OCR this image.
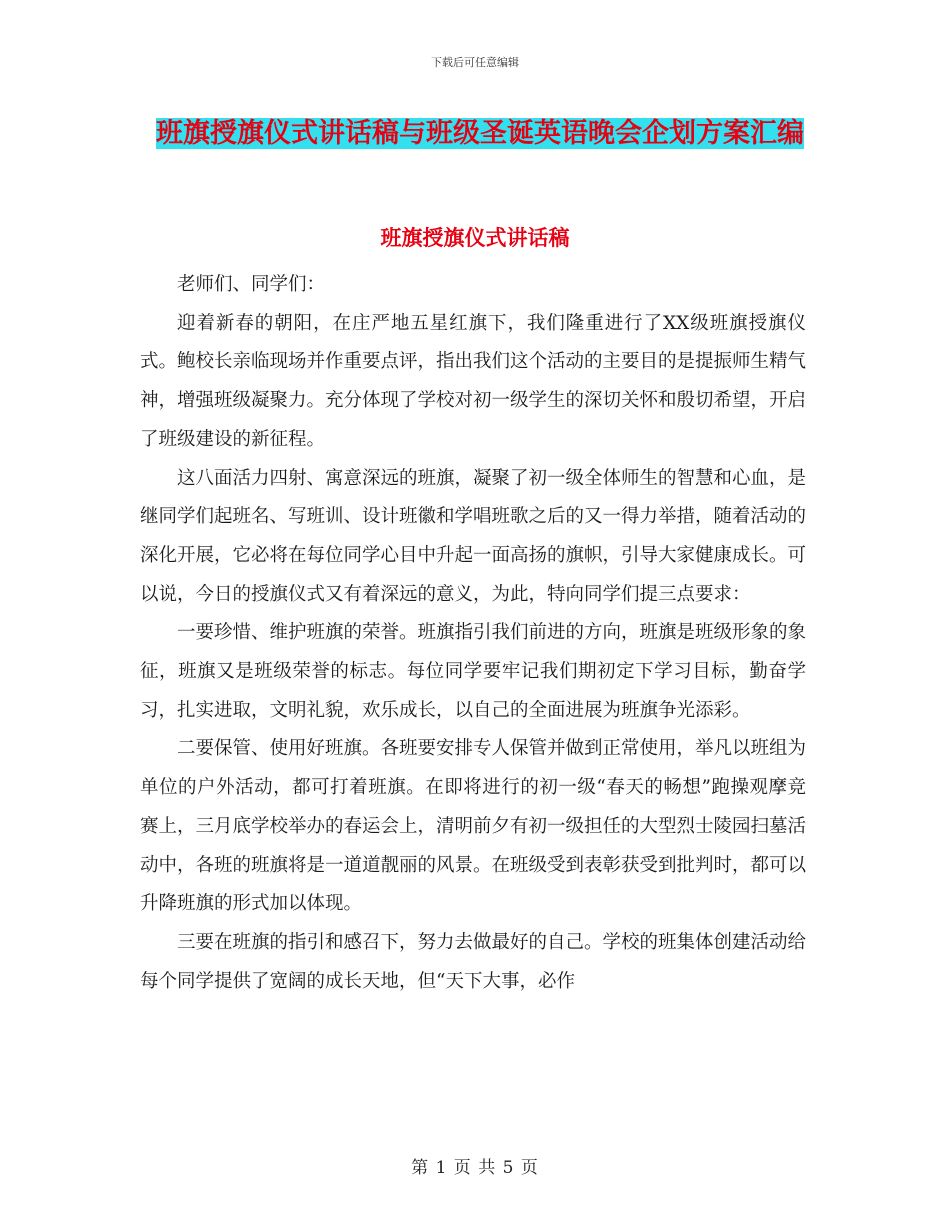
下载后可任意编辑
班旗授旗仪式讲话稿与班级圣诞英语晚会企划方案汇编
班旗授旗仪式讲话稿

老师们、同学们：

迎着新春的朝阳，在庄严地五星红旗下，我们隆重进行了XX级班旗授旗仪式。鲍校长亲临现场并作重要点评，指出我们这个活动的主要目的是提振师生精气神，增强班级凝聚力。充分体现了学校对初一级学生的深切关怀和殷切希望，开启了班级建设的新征程。

这八面活力四射、寓意深远的班旗，凝聚了初一级全体师生的智慧和心血，是继同学们起班名、写班训、设计班徽和学唱班歌之后的又一得力举措，随着活动的深化开展，它必将在每位同学心目中升起一面高扬的旗帜，引导大家健康成长。可以说，今日的授旗仪式又有着深远的意义，为此，特向同学们提三点要求：

一要珍惜、维护班旗的荣誉。班旗指引我们前进的方向，班旗是班级形象的象征，班旗又是班级荣誉的标志。每位同学要牢记我们期初定下学习目标，勤奋学习，扎实进取，文明礼貌，欢乐成长，以自己的全面进展为班旗争光添彩。

二要保管、使用好班旗。各班要安排专人保管并做到正常使用，举凡以班组为单位的户外活动，都可打着班旗。在即将进行的初一级“春天的畅想”跑操观摩竞赛上，三月底学校举办的春运会上，清明前夕有初一级担任的大型烈士陵园扫墓活动中，各班的班旗将是一道道靓丽的风景。在班级受到表彰获受到批判时，都可以升降班旗的形式加以体现。

三要在班旗的指引和感召下，努力去做最好的自己。学校的班集体创建活动给每个同学提供了宽阔的成长天地，但“天下大事，必作

第 1 页 共 5 页
